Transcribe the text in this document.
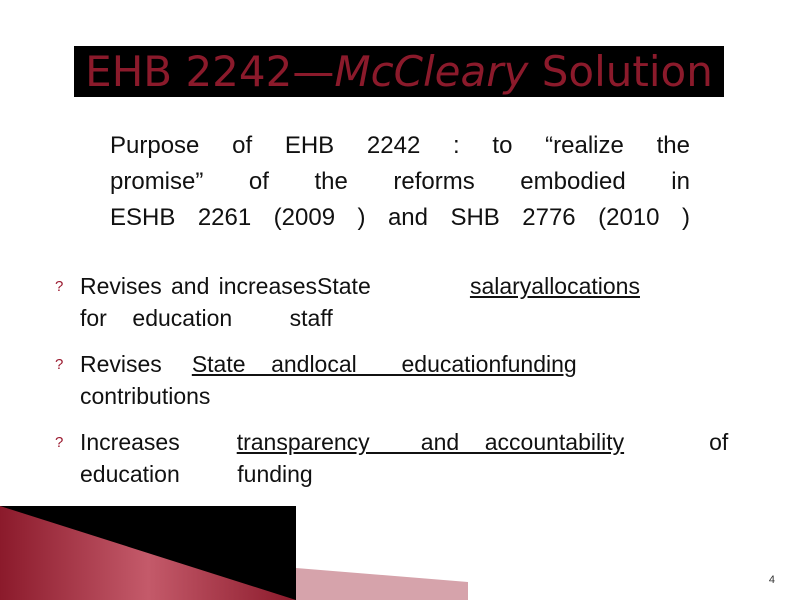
EHB 2242—McCleary Solution
Purpose of EHB 2242 : to “realize the
promise” of the reforms embodied in
ESHB 2261 (2009 ) and SHB 2776 (2010 )
? Revises and increasesState	salaryallocations
for    education         staff
? Revises State    andlocal       educationfunding
contributions
? Increases transparency        and    accountability	of
education         funding
4
